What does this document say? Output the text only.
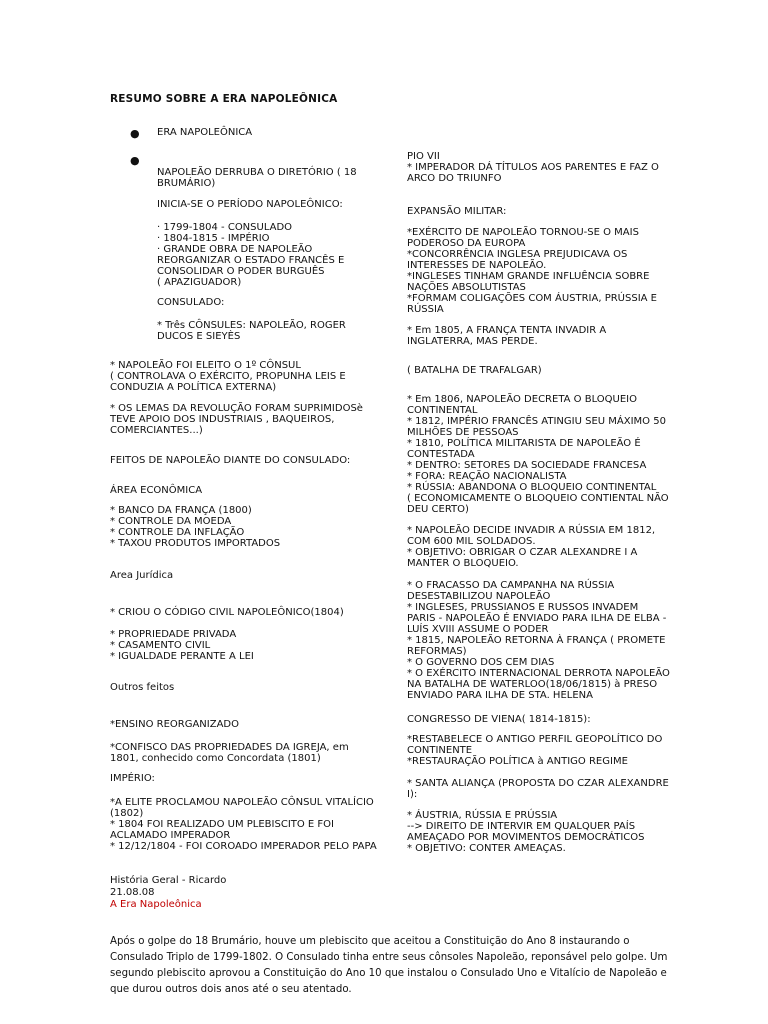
RESUMO SOBRE A ERA NAPOLEÔNICA
●
●
ERA NAPOLEÔNICA
NAPOLEÃO DERRUBA O DIRETÓRIO ( 18
BRUMÁRIO)
INICIA-SE O PERÍODO NAPOLEÔNICO:
· 1799-1804 - CONSULADO
· 1804-1815 - IMPÉRIO
· GRANDE OBRA DE NAPOLEÃO
REORGANIZAR O ESTADO FRANCÊS E
CONSOLIDAR O PODER BURGUÊS
( APAZIGUADOR)
CONSULADO:
* Três CÔNSULES: NAPOLEÃO, ROGER
DUCOS E SIEYÈS
* NAPOLEÃO FOI ELEITO O 1º CÔNSUL
( CONTROLAVA O EXÉRCITO, PROPUNHA LEIS E
CONDUZIA A POLÍTICA EXTERNA)
* OS LEMAS DA REVOLUÇÃO FORAM SUPRIMIDOSè
TEVE APOIO DOS INDUSTRIAIS , BAQUEIROS,
COMERCIANTES...)
FEITOS DE NAPOLEÃO DIANTE DO CONSULADO:
ÁREA ECONÔMICA
* BANCO DA FRANÇA (1800)
* CONTROLE DA MOEDA
* CONTROLE DA INFLAÇÃO
* TAXOU PRODUTOS IMPORTADOS
Area Jurídica
* CRIOU O CÓDIGO CIVIL NAPOLEÔNICO(1804)
* PROPRIEDADE PRIVADA
* CASAMENTO CIVIL
* IGUALDADE PERANTE A LEI
Outros feitos
*ENSINO REORGANIZADO
*CONFISCO DAS PROPRIEDADES DA IGREJA, em
1801, conhecido como Concordata (1801)
IMPÉRIO:
*A ELITE PROCLAMOU NAPOLEÃO CÔNSUL VITALÍCIO
(1802)
* 1804 FOI REALIZADO UM PLEBISCITO E FOI
ACLAMADO IMPERADOR
* 12/12/1804 - FOI COROADO IMPERADOR PELO PAPA
PIO VII
* IMPERADOR DÁ TÍTULOS AOS PARENTES E FAZ O
ARCO DO TRIUNFO
EXPANSÃO MILITAR:
*EXÉRCITO DE NAPOLEÃO TORNOU-SE O MAIS
PODEROSO DA EUROPA
*CONCORRÊNCIA INGLESA PREJUDICAVA OS
INTERESSES DE NAPOLEÃO.
*INGLESES TINHAM GRANDE INFLUÊNCIA SOBRE
NAÇÕES ABSOLUTISTAS
*FORMAM COLIGAÇÕES COM ÁUSTRIA, PRÚSSIA E
RÚSSIA
* Em 1805, A FRANÇA TENTA INVADIR A
INGLATERRA, MAS PERDE.
( BATALHA DE TRAFALGAR)
* Em 1806, NAPOLEÃO DECRETA O BLOQUEIO
CONTINENTAL
* 1812, IMPÉRIO FRANCÊS ATINGIU SEU MÁXIMO 50
MILHÕES DE PESSOAS
* 1810, POLÍTICA MILITARISTA DE NAPOLEÃO É
CONTESTADA
* DENTRO: SETORES DA SOCIEDADE FRANCESA
* FORA: REAÇÃO NACIONALISTA
* RÚSSIA: ABANDONA O BLOQUEIO CONTINENTAL
( ECONOMICAMENTE O BLOQUEIO CONTIENTAL NÃO
DEU CERTO)
* NAPOLEÃO DECIDE INVADIR A RÚSSIA EM 1812,
COM 600 MIL SOLDADOS.
* OBJETIVO: OBRIGAR O CZAR ALEXANDRE I A
MANTER O BLOQUEIO.
* O FRACASSO DA CAMPANHA NA RÚSSIA
DESESTABILIZOU NAPOLEÃO
* INGLESES, PRUSSIANOS E RUSSOS INVADEM
PARIS - NAPOLEÃO É ENVIADO PARA ILHA DE ELBA -
LUÍS XVIII ASSUME O PODER
* 1815, NAPOLEÃO RETORNA À FRANÇA ( PROMETE
REFORMAS)
* O GOVERNO DOS CEM DIAS
* O EXÉRCITO INTERNACIONAL DERROTA NAPOLEÃO
NA BATALHA DE WATERLOO(18/06/1815) à PRESO
ENVIADO PARA ILHA DE STA. HELENA
CONGRESSO DE VIENA( 1814-1815):
*RESTABELECE O ANTIGO PERFIL GEOPOLÍTICO DO
CONTINENTE
*RESTAURAÇÃO POLÍTICA à ANTIGO REGIME
* SANTA ALIANÇA (PROPOSTA DO CZAR ALEXANDRE
I):
* ÁUSTRIA, RÚSSIA E PRÚSSIA
--> DIREITO DE INTERVIR EM QUALQUER PAÍS
AMEAÇADO POR MOVIMENTOS DEMOCRÁTICOS
* OBJETIVO: CONTER AMEAÇAS.
História Geral - Ricardo
21.08.08
A Era Napoleônica
Após o golpe do 18 Brumário, houve um plebiscito que aceitou a Constituição do Ano 8 instaurando o Consulado Triplo de 1799-1802. O Consulado tinha entre seus cônsoles Napoleão, reponsável pelo golpe. Um segundo plebiscito aprovou a Constituição do Ano 10 que instalou o Consulado Uno e Vitalício de Napoleão e que durou outros dois anos até o seu atentado.
